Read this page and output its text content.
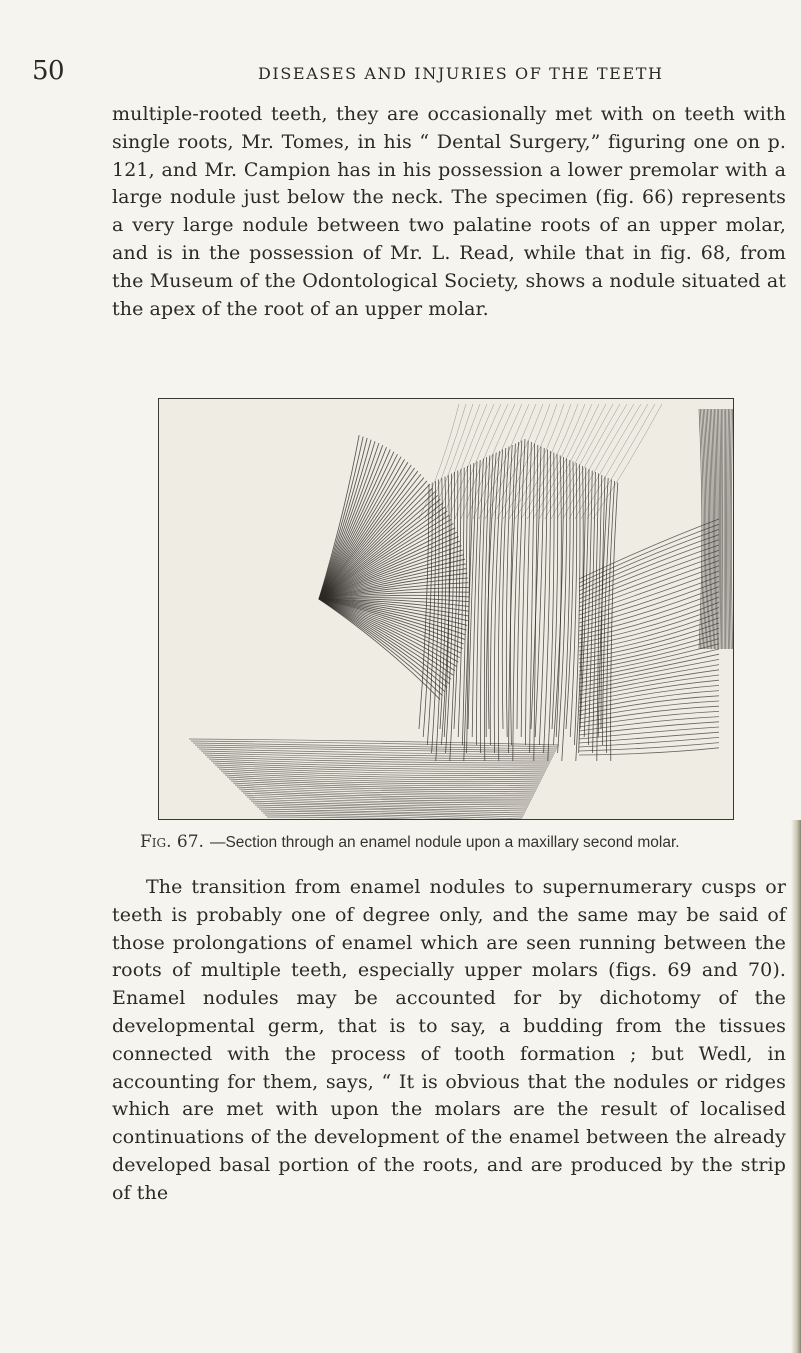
50	DISEASES AND INJURIES OF THE TEETH

multiple-rooted teeth, they are occasionally met with on teeth with single roots, Mr. Tomes, in his “ Dental Surgery,” figuring one on p. 121, and Mr. Campion has in his possession a lower premolar with a large nodule just below the neck. The specimen (fig. 66) represents a very large nodule between two palatine roots of an upper molar, and is in the possession of Mr. L. Read, while that in fig. 68, from the Museum of the Odontological Society, shows a nodule situated at the apex of the root of an upper molar.

Fig. 67. —Section through an enamel nodule upon a maxillary second molar.

The transition from enamel nodules to supernumerary cusps or teeth is probably one of degree only, and the same may be said of those prolongations of enamel which are seen running between the roots of multiple teeth, especially upper molars (figs. 69 and 70). Enamel nodules may be accounted for by dichotomy of the developmental germ, that is to say, a budding from the tissues connected with the process of tooth formation ; but Wedl, in accounting for them, says, “ It is obvious that the nodules or ridges which are met with upon the molars are the result of localised continuations of the development of the enamel between the already developed basal portion of the roots, and are produced by the strip of the
